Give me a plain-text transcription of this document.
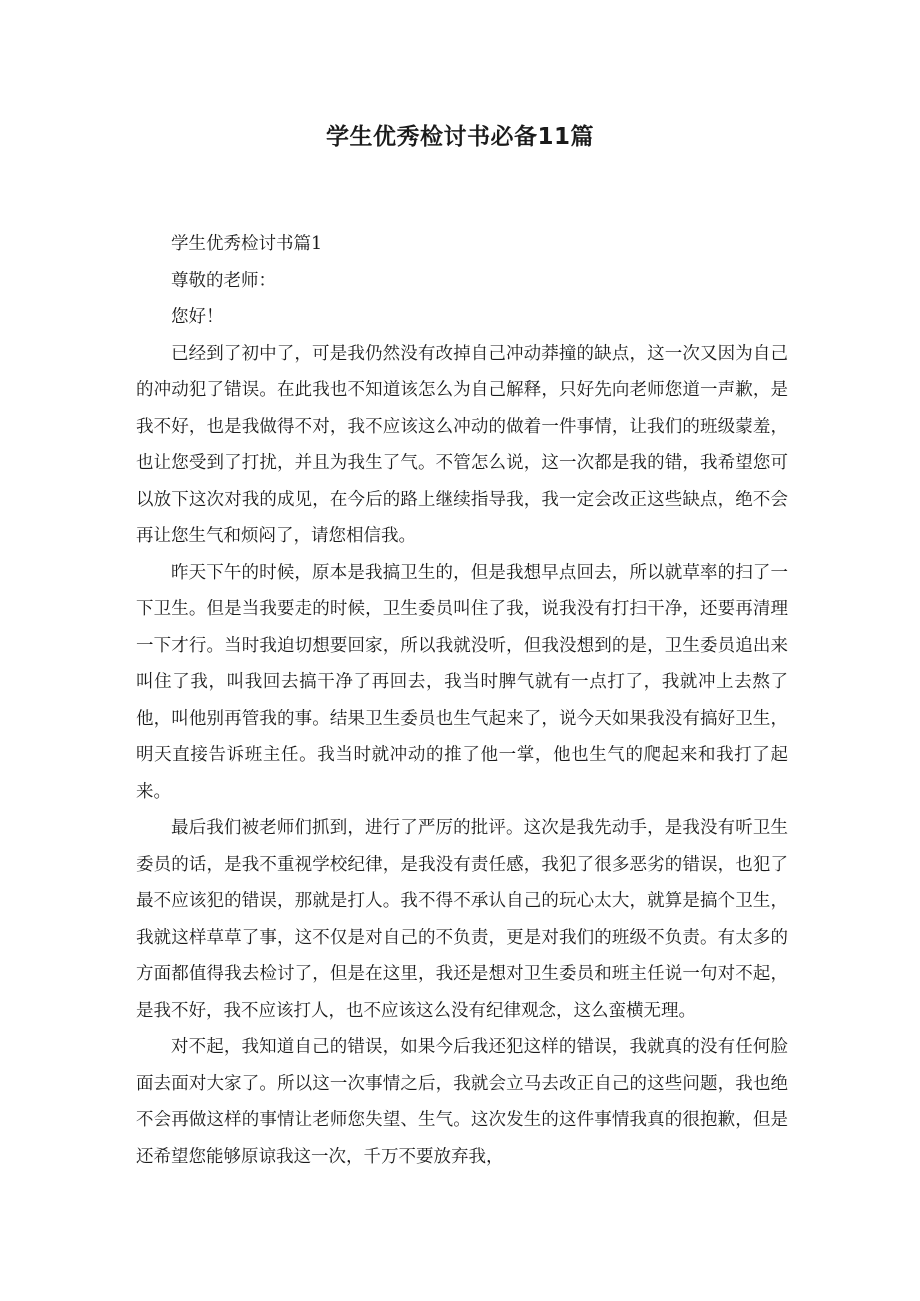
学生优秀检讨书必备11篇

学生优秀检讨书篇1

尊敬的老师：

您好！

已经到了初中了，可是我仍然没有改掉自己冲动莽撞的缺点，这一次又因为自己的冲动犯了错误。在此我也不知道该怎么为自己解释，只好先向老师您道一声歉，是我不好，也是我做得不对，我不应该这么冲动的做着一件事情，让我们的班级蒙羞，也让您受到了打扰，并且为我生了气。不管怎么说，这一次都是我的错，我希望您可以放下这次对我的成见，在今后的路上继续指导我，我一定会改正这些缺点，绝不会再让您生气和烦闷了，请您相信我。

昨天下午的时候，原本是我搞卫生的，但是我想早点回去，所以就草率的扫了一下卫生。但是当我要走的时候，卫生委员叫住了我，说我没有打扫干净，还要再清理一下才行。当时我迫切想要回家，所以我就没听，但我没想到的是，卫生委员追出来叫住了我，叫我回去搞干净了再回去，我当时脾气就有一点打了，我就冲上去熬了他，叫他别再管我的事。结果卫生委员也生气起来了，说今天如果我没有搞好卫生，明天直接告诉班主任。我当时就冲动的推了他一掌，他也生气的爬起来和我打了起来。

最后我们被老师们抓到，进行了严厉的批评。这次是我先动手，是我没有听卫生委员的话，是我不重视学校纪律，是我没有责任感，我犯了很多恶劣的错误，也犯了最不应该犯的错误，那就是打人。我不得不承认自己的玩心太大，就算是搞个卫生，我就这样草草了事，这不仅是对自己的不负责，更是对我们的班级不负责。有太多的方面都值得我去检讨了，但是在这里，我还是想对卫生委员和班主任说一句对不起，是我不好，我不应该打人，也不应该这么没有纪律观念，这么蛮横无理。

对不起，我知道自己的错误，如果今后我还犯这样的错误，我就真的没有任何脸面去面对大家了。所以这一次事情之后，我就会立马去改正自己的这些问题，我也绝不会再做这样的事情让老师您失望、生气。这次发生的这件事情我真的很抱歉，但是还希望您能够原谅我这一次，千万不要放弃我，
